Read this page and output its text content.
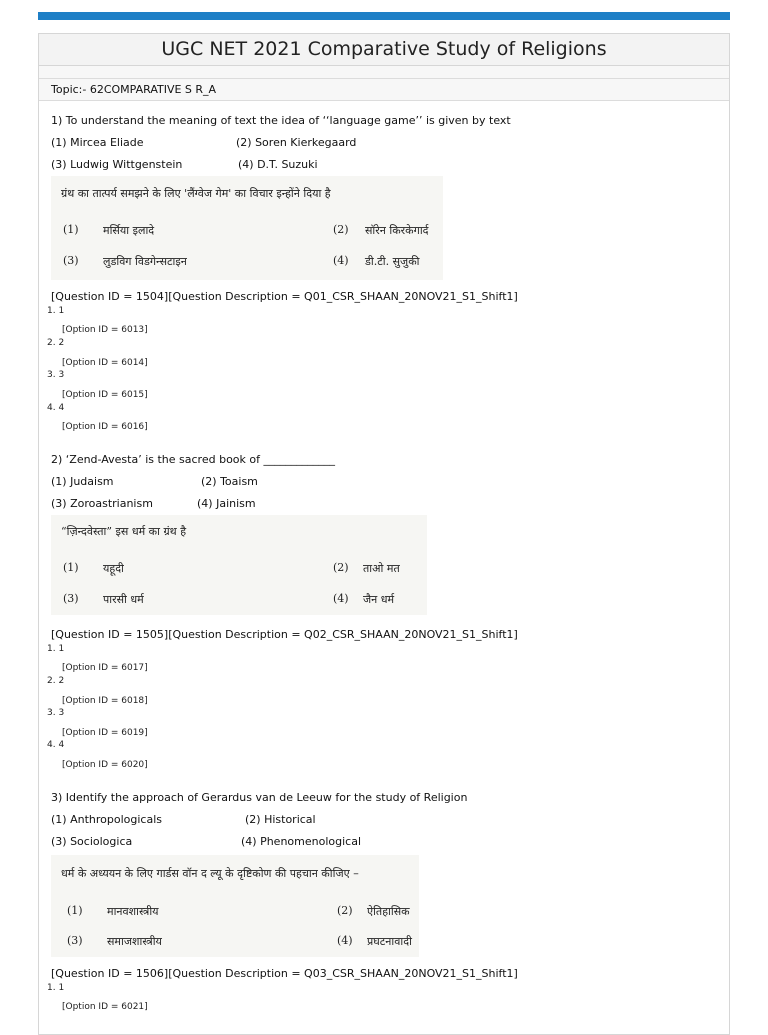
UGC NET 2021 Comparative Study of Religions
Topic:- 62COMPARATIVE S R_A
1) To understand the meaning of text the idea of ‘‘language game’’ is given by text
(1) Mircea Eliade	(2) Soren Kierkegaard
(3) Ludwig Wittgenstein	(4) D.T. Suzuki
ग्रंथ का तात्पर्य समझने के लिए 'लैंग्वेज गेम' का विचार इन्होंने दिया है
(1) मर्सिया इलादे	(2) सॉरेन किरकेगार्द
(3) लुडविग विडगेन्सटाइन	(4) डी.टी. सुजुकी
[Question ID = 1504][Question Description = Q01_CSR_SHAAN_20NOV21_S1_Shift1]
1. 1
[Option ID = 6013]
2. 2
[Option ID = 6014]
3. 3
[Option ID = 6015]
4. 4
[Option ID = 6016]
2) ‘Zend-Avesta’ is the sacred book of _____________
(1) Judaism	(2) Toaism
(3) Zoroastrianism	(4) Jainism
“ज़िन्दवेस्ता” इस धर्म का ग्रंथ है
(1) यहूदी	(2) ताओ मत
(3) पारसी धर्म	(4) जैन धर्म
[Question ID = 1505][Question Description = Q02_CSR_SHAAN_20NOV21_S1_Shift1]
1. 1
[Option ID = 6017]
2. 2
[Option ID = 6018]
3. 3
[Option ID = 6019]
4. 4
[Option ID = 6020]
3) Identify the approach of Gerardus van de Leeuw for the study of Religion
(1) Anthropologicals	(2) Historical
(3) Sociologica	(4) Phenomenological
धर्म के अध्ययन के लिए गार्डस वॉन द ल्यू के दृष्टिकोण की पहचान कीजिए –
(1) मानवशास्त्रीय	(2) ऐतिहासिक
(3) समाजशास्त्रीय	(4) प्रघटनावादी
[Question ID = 1506][Question Description = Q03_CSR_SHAAN_20NOV21_S1_Shift1]
1. 1
[Option ID = 6021]
